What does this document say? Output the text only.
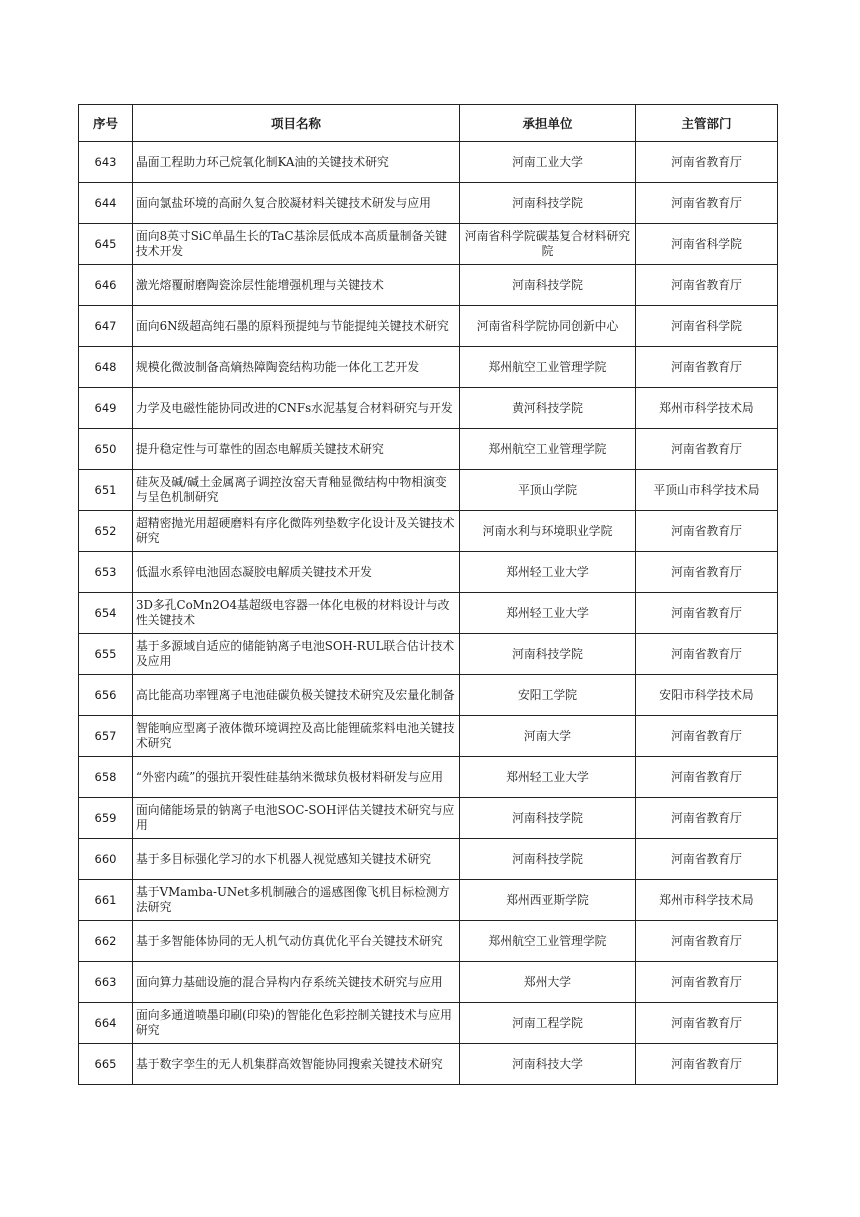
序号	项目名称	承担单位	主管部门
643	晶面工程助力环己烷氧化制KA油的关键技术研究	河南工业大学	河南省教育厅
644	面向氯盐环境的高耐久复合胶凝材料关键技术研发与应用	河南科技学院	河南省教育厅
645	面向8英寸SiC单晶生长的TaC基涂层低成本高质量制备关键技术开发	河南省科学院碳基复合材料研究院	河南省科学院
646	激光熔覆耐磨陶瓷涂层性能增强机理与关键技术	河南科技学院	河南省教育厅
647	面向6N级超高纯石墨的原料预提纯与节能提纯关键技术研究	河南省科学院协同创新中心	河南省科学院
648	规模化微波制备高熵热障陶瓷结构功能一体化工艺开发	郑州航空工业管理学院	河南省教育厅
649	力学及电磁性能协同改进的CNFs水泥基复合材料研究与开发	黄河科技学院	郑州市科学技术局
650	提升稳定性与可靠性的固态电解质关键技术研究	郑州航空工业管理学院	河南省教育厅
651	硅灰及碱/碱土金属离子调控汝窑天青釉显微结构中物相演变与呈色机制研究	平顶山学院	平顶山市科学技术局
652	超精密抛光用超硬磨料有序化微阵列垫数字化设计及关键技术研究	河南水利与环境职业学院	河南省教育厅
653	低温水系锌电池固态凝胶电解质关键技术开发	郑州轻工业大学	河南省教育厅
654	3D多孔CoMn2O4基超级电容器一体化电极的材料设计与改性关键技术	郑州轻工业大学	河南省教育厅
655	基于多源域自适应的储能钠离子电池SOH-RUL联合估计技术及应用	河南科技学院	河南省教育厅
656	高比能高功率锂离子电池硅碳负极关键技术研究及宏量化制备	安阳工学院	安阳市科学技术局
657	智能响应型离子液体微环境调控及高比能锂硫浆料电池关键技术研究	河南大学	河南省教育厅
658	“外密内疏”的强抗开裂性硅基纳米微球负极材料研发与应用	郑州轻工业大学	河南省教育厅
659	面向储能场景的钠离子电池SOC-SOH评估关键技术研究与应用	河南科技学院	河南省教育厅
660	基于多目标强化学习的水下机器人视觉感知关键技术研究	河南科技学院	河南省教育厅
661	基于VMamba-UNet多机制融合的遥感图像飞机目标检测方法研究	郑州西亚斯学院	郑州市科学技术局
662	基于多智能体协同的无人机气动仿真优化平台关键技术研究	郑州航空工业管理学院	河南省教育厅
663	面向算力基础设施的混合异构内存系统关键技术研究与应用	郑州大学	河南省教育厅
664	面向多通道喷墨印刷(印染)的智能化色彩控制关键技术与应用研究	河南工程学院	河南省教育厅
665	基于数字孪生的无人机集群高效智能协同搜索关键技术研究	河南科技大学	河南省教育厅
